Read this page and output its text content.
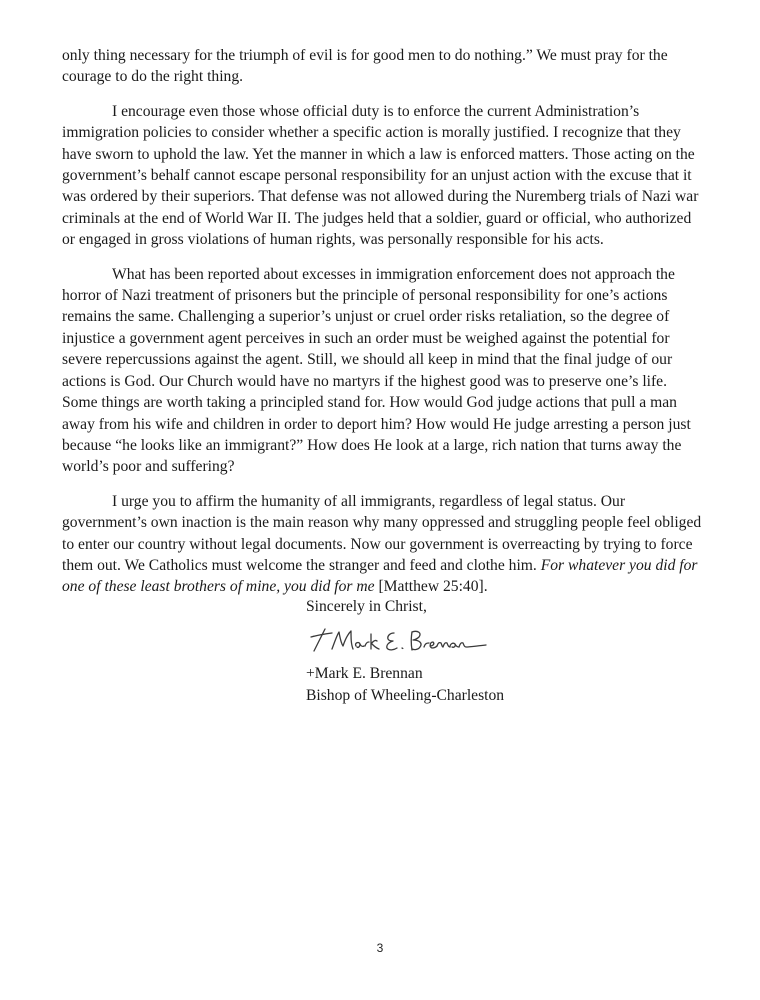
only thing necessary for the triumph of evil is for good men to do nothing.” We must pray for the courage to do the right thing.

I encourage even those whose official duty is to enforce the current Administration’s immigration policies to consider whether a specific action is morally justified. I recognize that they have sworn to uphold the law. Yet the manner in which a law is enforced matters. Those acting on the government’s behalf cannot escape personal responsibility for an unjust action with the excuse that it was ordered by their superiors. That defense was not allowed during the Nuremberg trials of Nazi war criminals at the end of World War II. The judges held that a soldier, guard or official, who authorized or engaged in gross violations of human rights, was personally responsible for his acts.

What has been reported about excesses in immigration enforcement does not approach the horror of Nazi treatment of prisoners but the principle of personal responsibility for one’s actions remains the same. Challenging a superior’s unjust or cruel order risks retaliation, so the degree of injustice a government agent perceives in such an order must be weighed against the potential for severe repercussions against the agent. Still, we should all keep in mind that the final judge of our actions is God. Our Church would have no martyrs if the highest good was to preserve one’s life. Some things are worth taking a principled stand for. How would God judge actions that pull a man away from his wife and children in order to deport him? How would He judge arresting a person just because “he looks like an immigrant?” How does He look at a large, rich nation that turns away the world’s poor and suffering?

I urge you to affirm the humanity of all immigrants, regardless of legal status. Our government’s own inaction is the main reason why many oppressed and struggling people feel obliged to enter our country without legal documents. Now our government is overreacting by trying to force them out. We Catholics must welcome the stranger and feed and clothe him. For whatever you did for one of these least brothers of mine, you did for me [Matthew 25:40].

Sincerely in Christ,
+Mark E. Brennan
Bishop of Wheeling-Charleston
3
